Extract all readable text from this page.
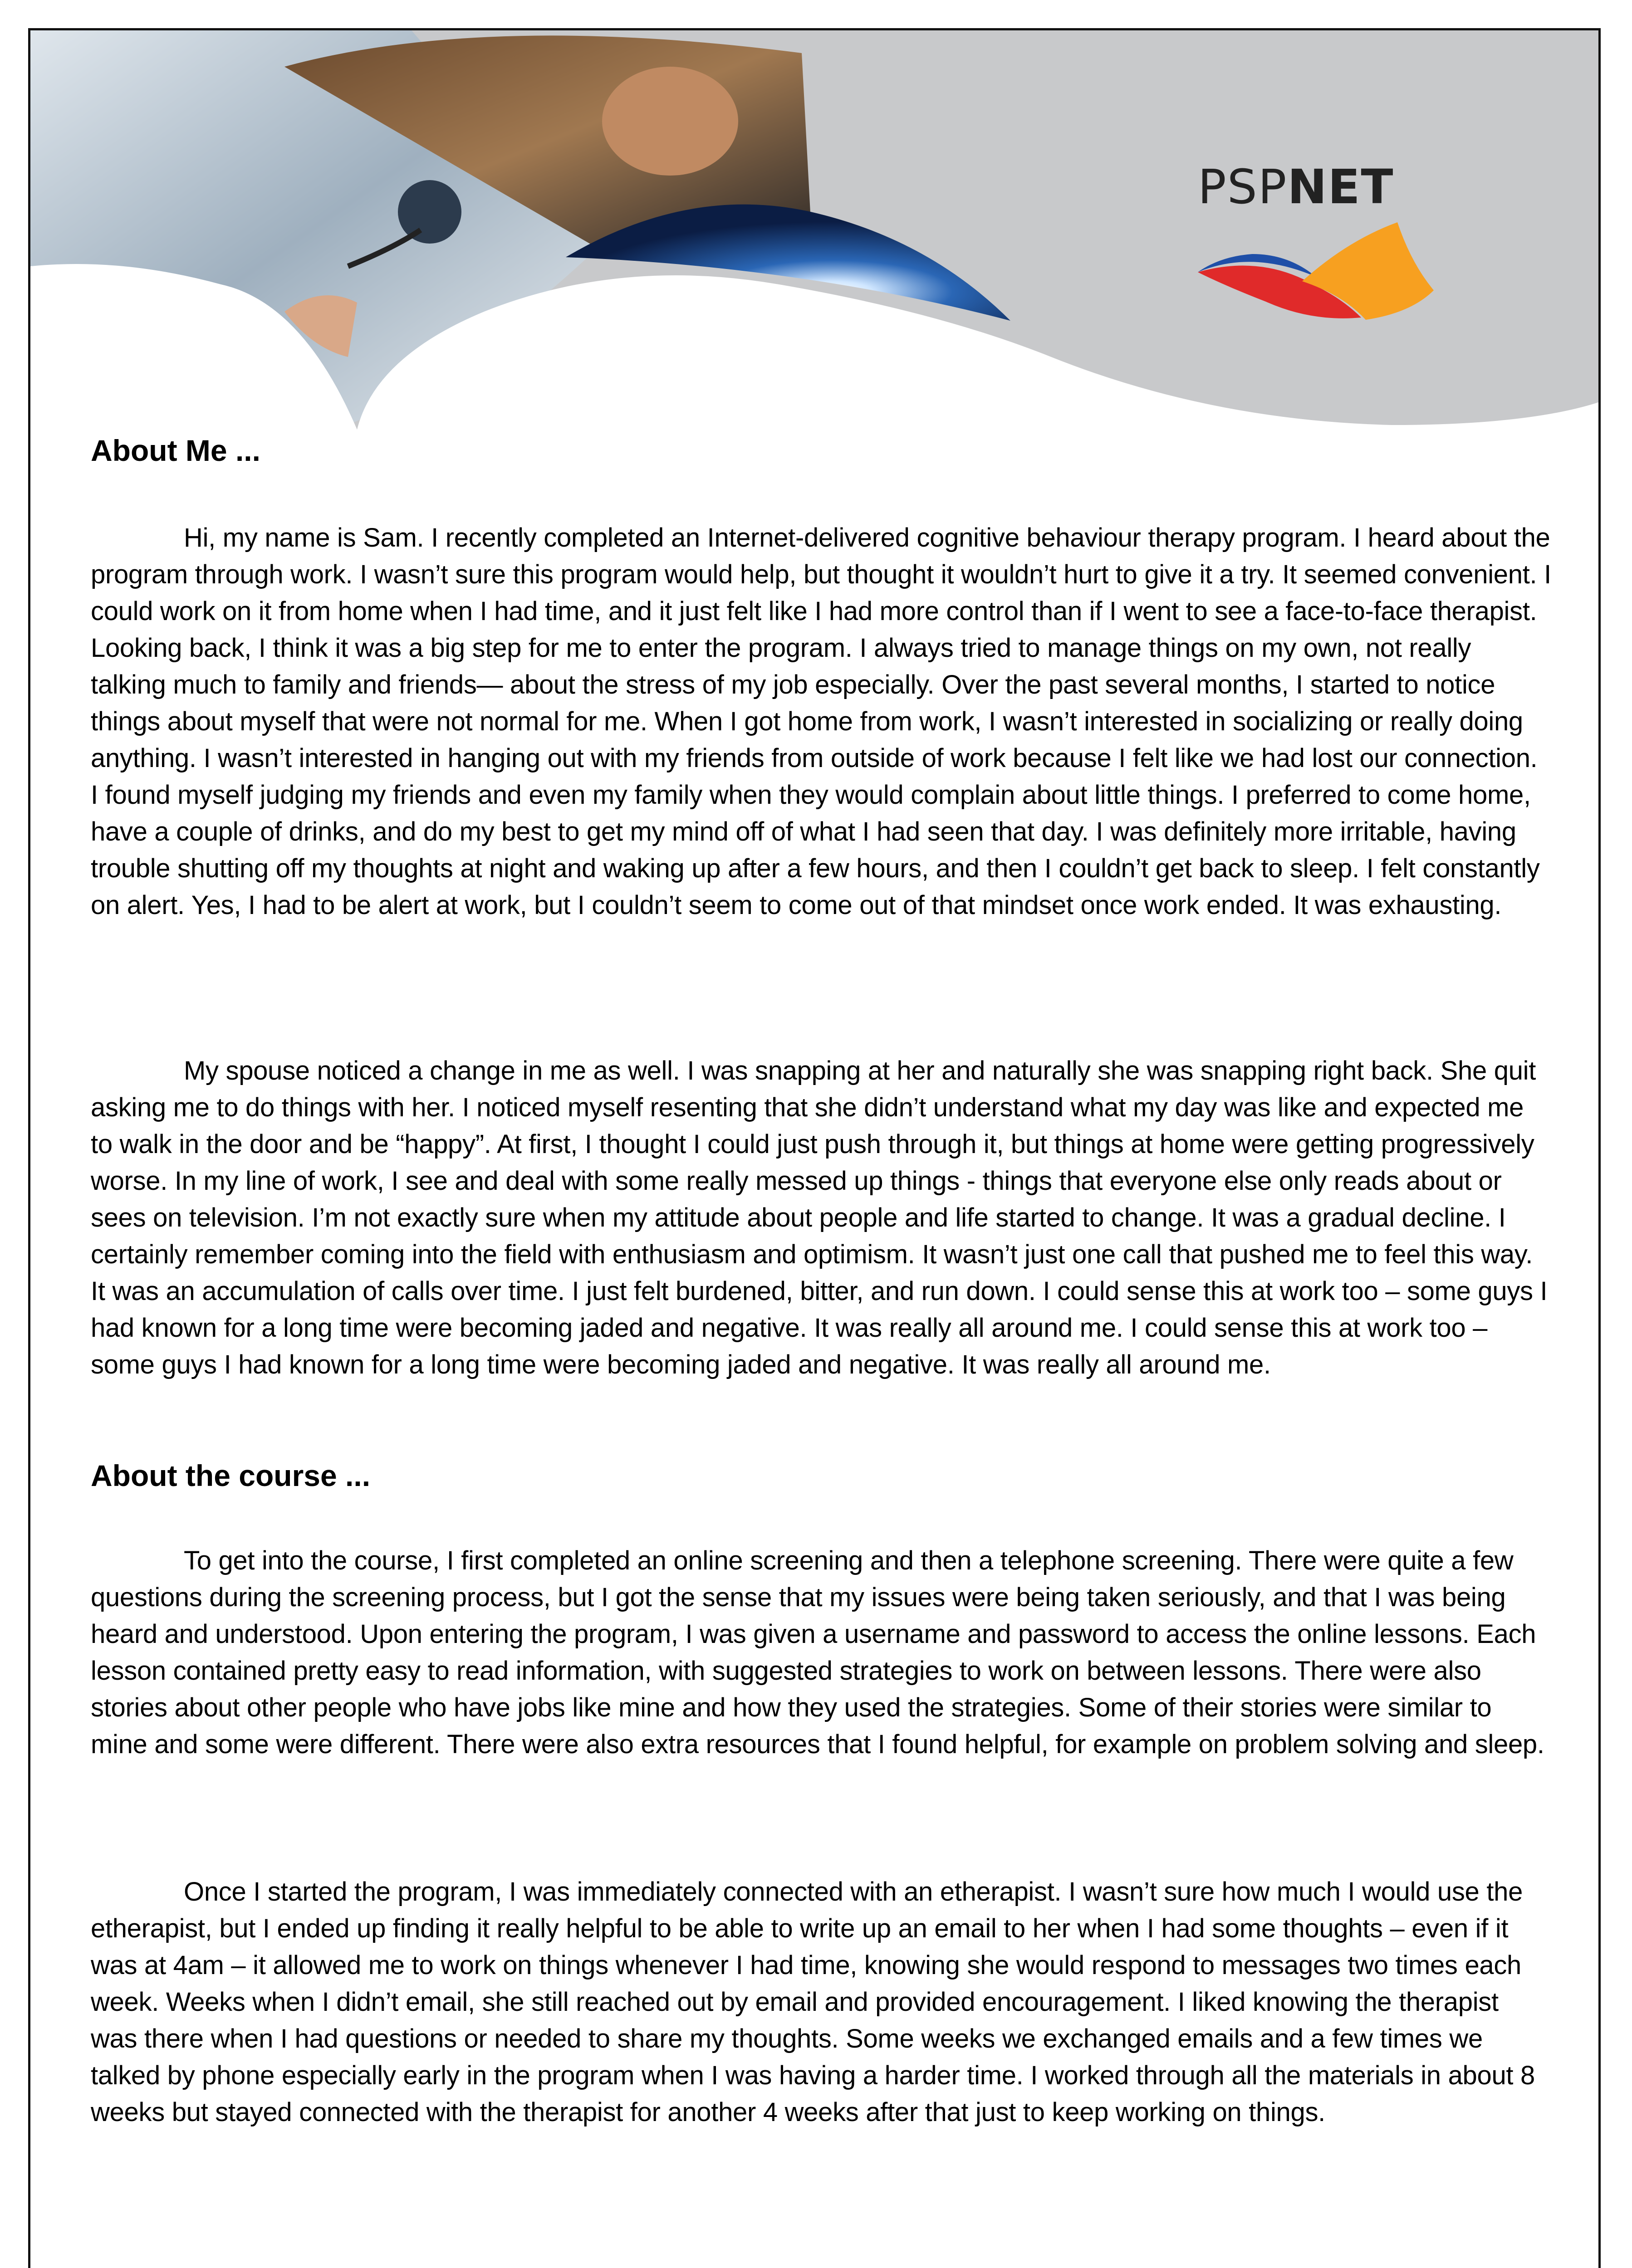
PSPNET
About Me ...

Hi, my name is Sam. I recently completed an Internet-delivered cognitive behaviour therapy program. I heard about the program through work. I wasn’t sure this program would help, but thought it wouldn’t hurt to give it a try. It seemed convenient. I could work on it from home when I had time, and it just felt like I had more control than if I went to see a face-to-face therapist. Looking back, I think it was a big step for me to enter the program. I always tried to manage things on my own, not really talking much to family and friends— about the stress of my job especially. Over the past several months, I started to notice things about myself that were not normal for me. When I got home from work, I wasn’t interested in socializing or really doing anything. I wasn’t interested in hanging out with my friends from outside of work because I felt like we had lost our connection. I found myself judging my friends and even my family when they would complain about little things. I preferred to come home, have a couple of drinks, and do my best to get my mind off of what I had seen that day. I was definitely more irritable, having trouble shutting off my thoughts at night and waking up after a few hours, and then I couldn’t get back to sleep. I felt constantly on alert. Yes, I had to be alert at work, but I couldn’t seem to come out of that mindset once work ended. It was exhausting.

My spouse noticed a change in me as well. I was snapping at her and naturally she was snapping right back. She quit asking me to do things with her. I noticed myself resenting that she didn’t understand what my day was like and expected me to walk in the door and be “happy”. At first, I thought I could just push through it, but things at home were getting progressively worse. In my line of work, I see and deal with some really messed up things - things that everyone else only reads about or sees on television. I’m not exactly sure when my attitude about people and life started to change. It was a gradual decline. I certainly remember coming into the field with enthusiasm and optimism. It wasn’t just one call that pushed me to feel this way. It was an accumulation of calls over time. I just felt burdened, bitter, and run down. I could sense this at work too – some guys I had known for a long time were becoming jaded and negative. It was really all around me. I could sense this at work too – some guys I had known for a long time were becoming jaded and negative. It was really all around me.

About the course ...

To get into the course, I first completed an online screening and then a telephone screening. There were quite a few questions during the screening process, but I got the sense that my issues were being taken seriously, and that I was being heard and understood. Upon entering the program, I was given a username and password to access the online lessons. Each lesson contained pretty easy to read information, with suggested strategies to work on between lessons. There were also stories about other people who have jobs like mine and how they used the strategies. Some of their stories were similar to mine and some were different. There were also extra resources that I found helpful, for example on problem solving and sleep.

Once I started the program, I was immediately connected with an etherapist. I wasn’t sure how much I would use the etherapist, but I ended up finding it really helpful to be able to write up an email to her when I had some thoughts – even if it was at 4am – it allowed me to work on things whenever I had time, knowing she would respond to messages two times each week. Weeks when I didn’t email, she still reached out by email and provided encouragement. I liked knowing the therapist was there when I had questions or needed to share my thoughts. Some weeks we exchanged emails and a few times we talked by phone especially early in the program when I was having a harder time. I worked through all the materials in about 8 weeks but stayed connected with the therapist for another 4 weeks after that just to keep working on things.
